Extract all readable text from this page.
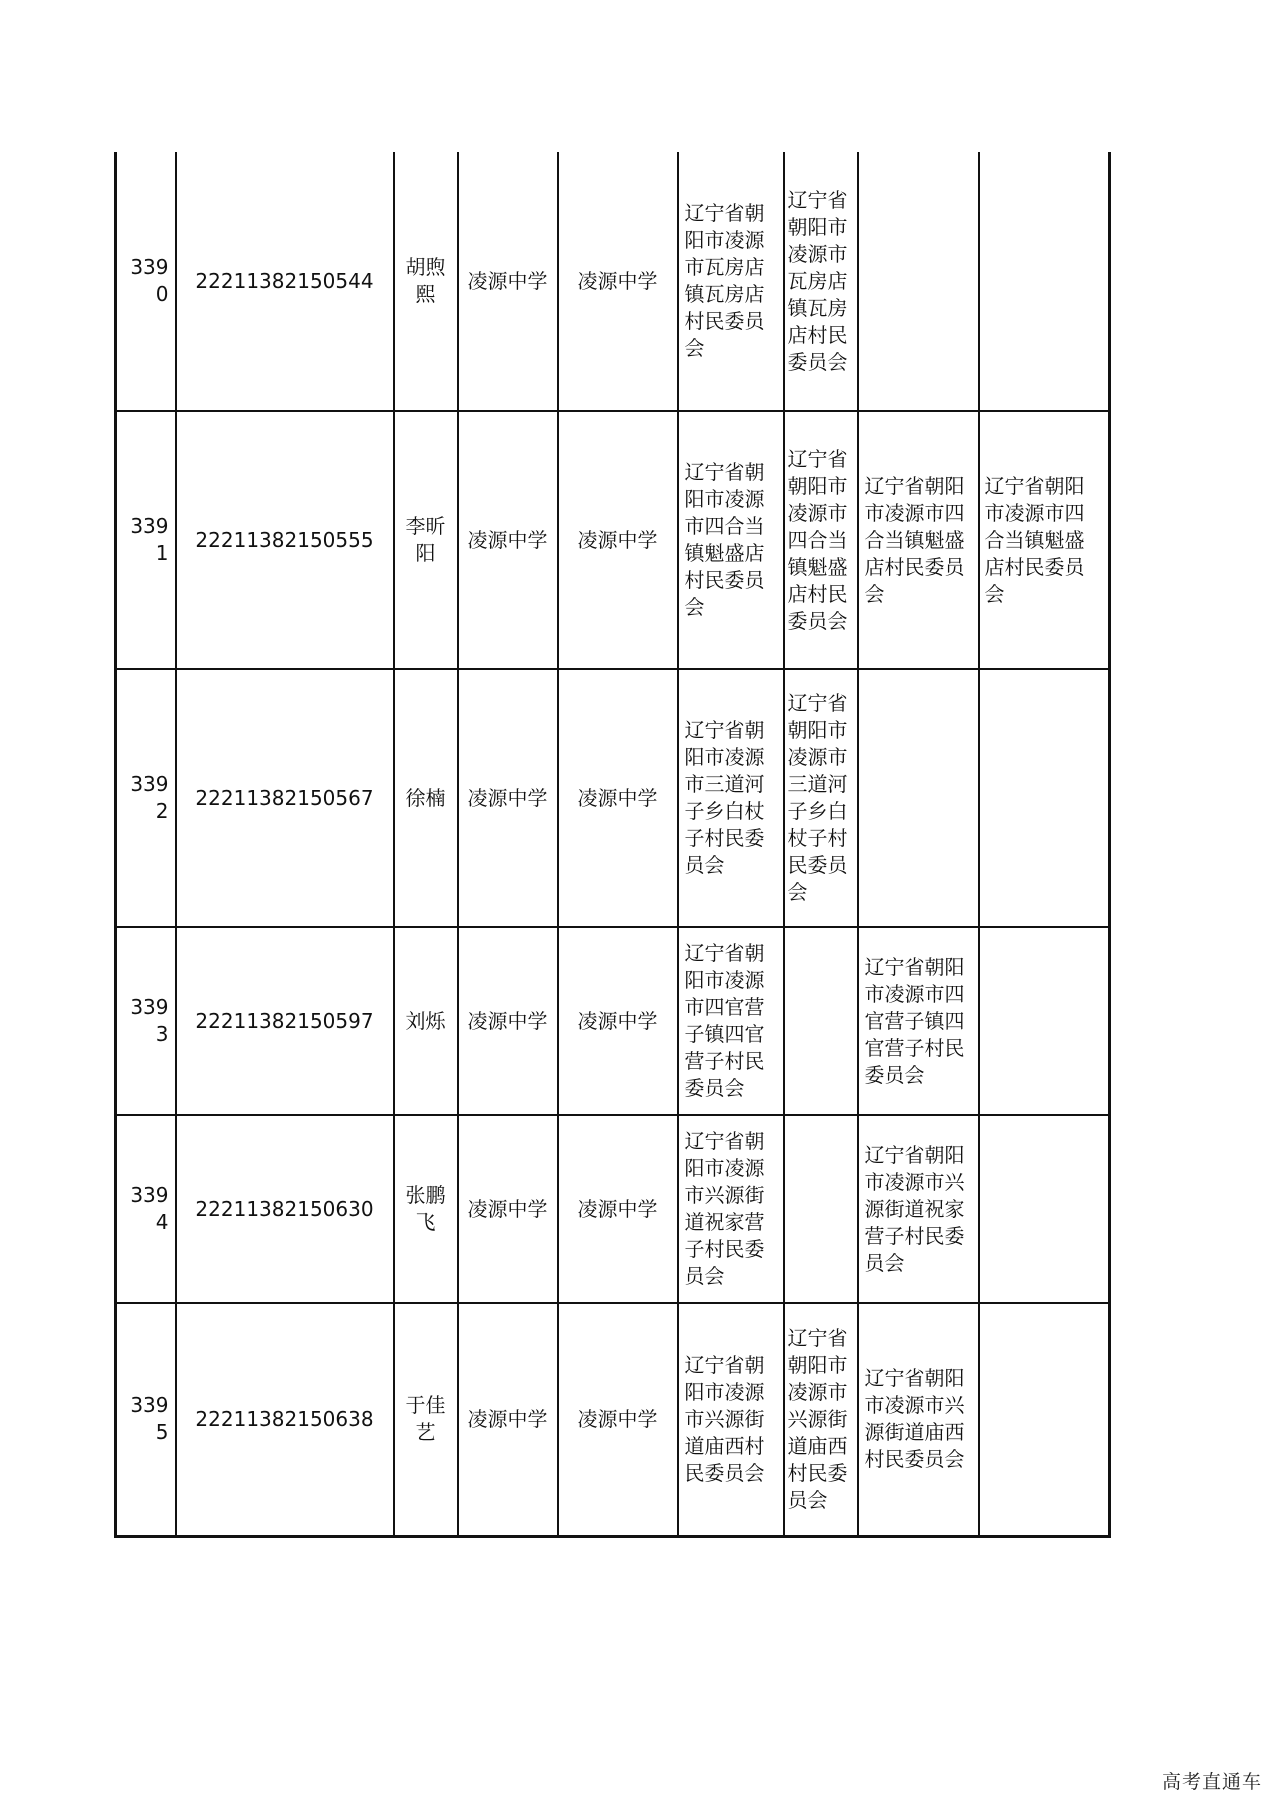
3390	22211382150544	胡煦熙	凌源中学	凌源中学	辽宁省朝阳市凌源市瓦房店镇瓦房店村民委员会	辽宁省朝阳市凌源市瓦房店镇瓦房店村民委员会		
3391	22211382150555	李昕阳	凌源中学	凌源中学	辽宁省朝阳市凌源市四合当镇魁盛店村民委员会	辽宁省朝阳市凌源市四合当镇魁盛店村民委员会	辽宁省朝阳市凌源市四合当镇魁盛店村民委员会	辽宁省朝阳市凌源市四合当镇魁盛店村民委员会
3392	22211382150567	徐楠	凌源中学	凌源中学	辽宁省朝阳市凌源市三道河子乡白杖子村民委员会	辽宁省朝阳市凌源市三道河子乡白杖子村民委员会		
3393	22211382150597	刘烁	凌源中学	凌源中学	辽宁省朝阳市凌源市四官营子镇四官营子村民委员会		辽宁省朝阳市凌源市四官营子镇四官营子村民委员会	
3394	22211382150630	张鹏飞	凌源中学	凌源中学	辽宁省朝阳市凌源市兴源街道祝家营子村民委员会		辽宁省朝阳市凌源市兴源街道祝家营子村民委员会	
3395	22211382150638	于佳艺	凌源中学	凌源中学	辽宁省朝阳市凌源市兴源街道庙西村民委员会	辽宁省朝阳市凌源市兴源街道庙西村民委员会	辽宁省朝阳市凌源市兴源街道庙西村民委员会	
高考直通车
